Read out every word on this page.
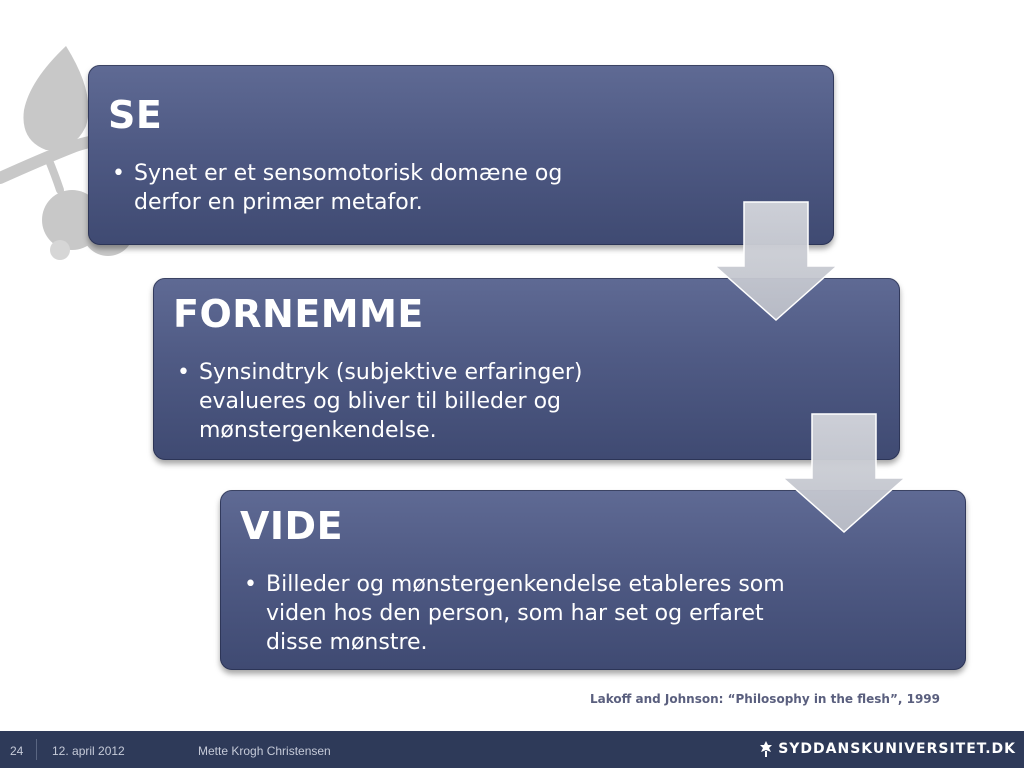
SE
• Synet er et sensomotorisk domæne og derfor en primær metafor.
FORNEMME
• Synsindtryk (subjektive erfaringer) evalueres og bliver til billeder og mønstergenkendelse.
VIDE
• Billeder og mønstergenkendelse etableres som viden hos den person, som har set og erfaret disse mønstre.
Lakoff and Johnson: “Philosophy in the flesh”, 1999
24 12. april 2012	Mette Krogh Christensen	SYDDANSKUNIVERSITET.DK
